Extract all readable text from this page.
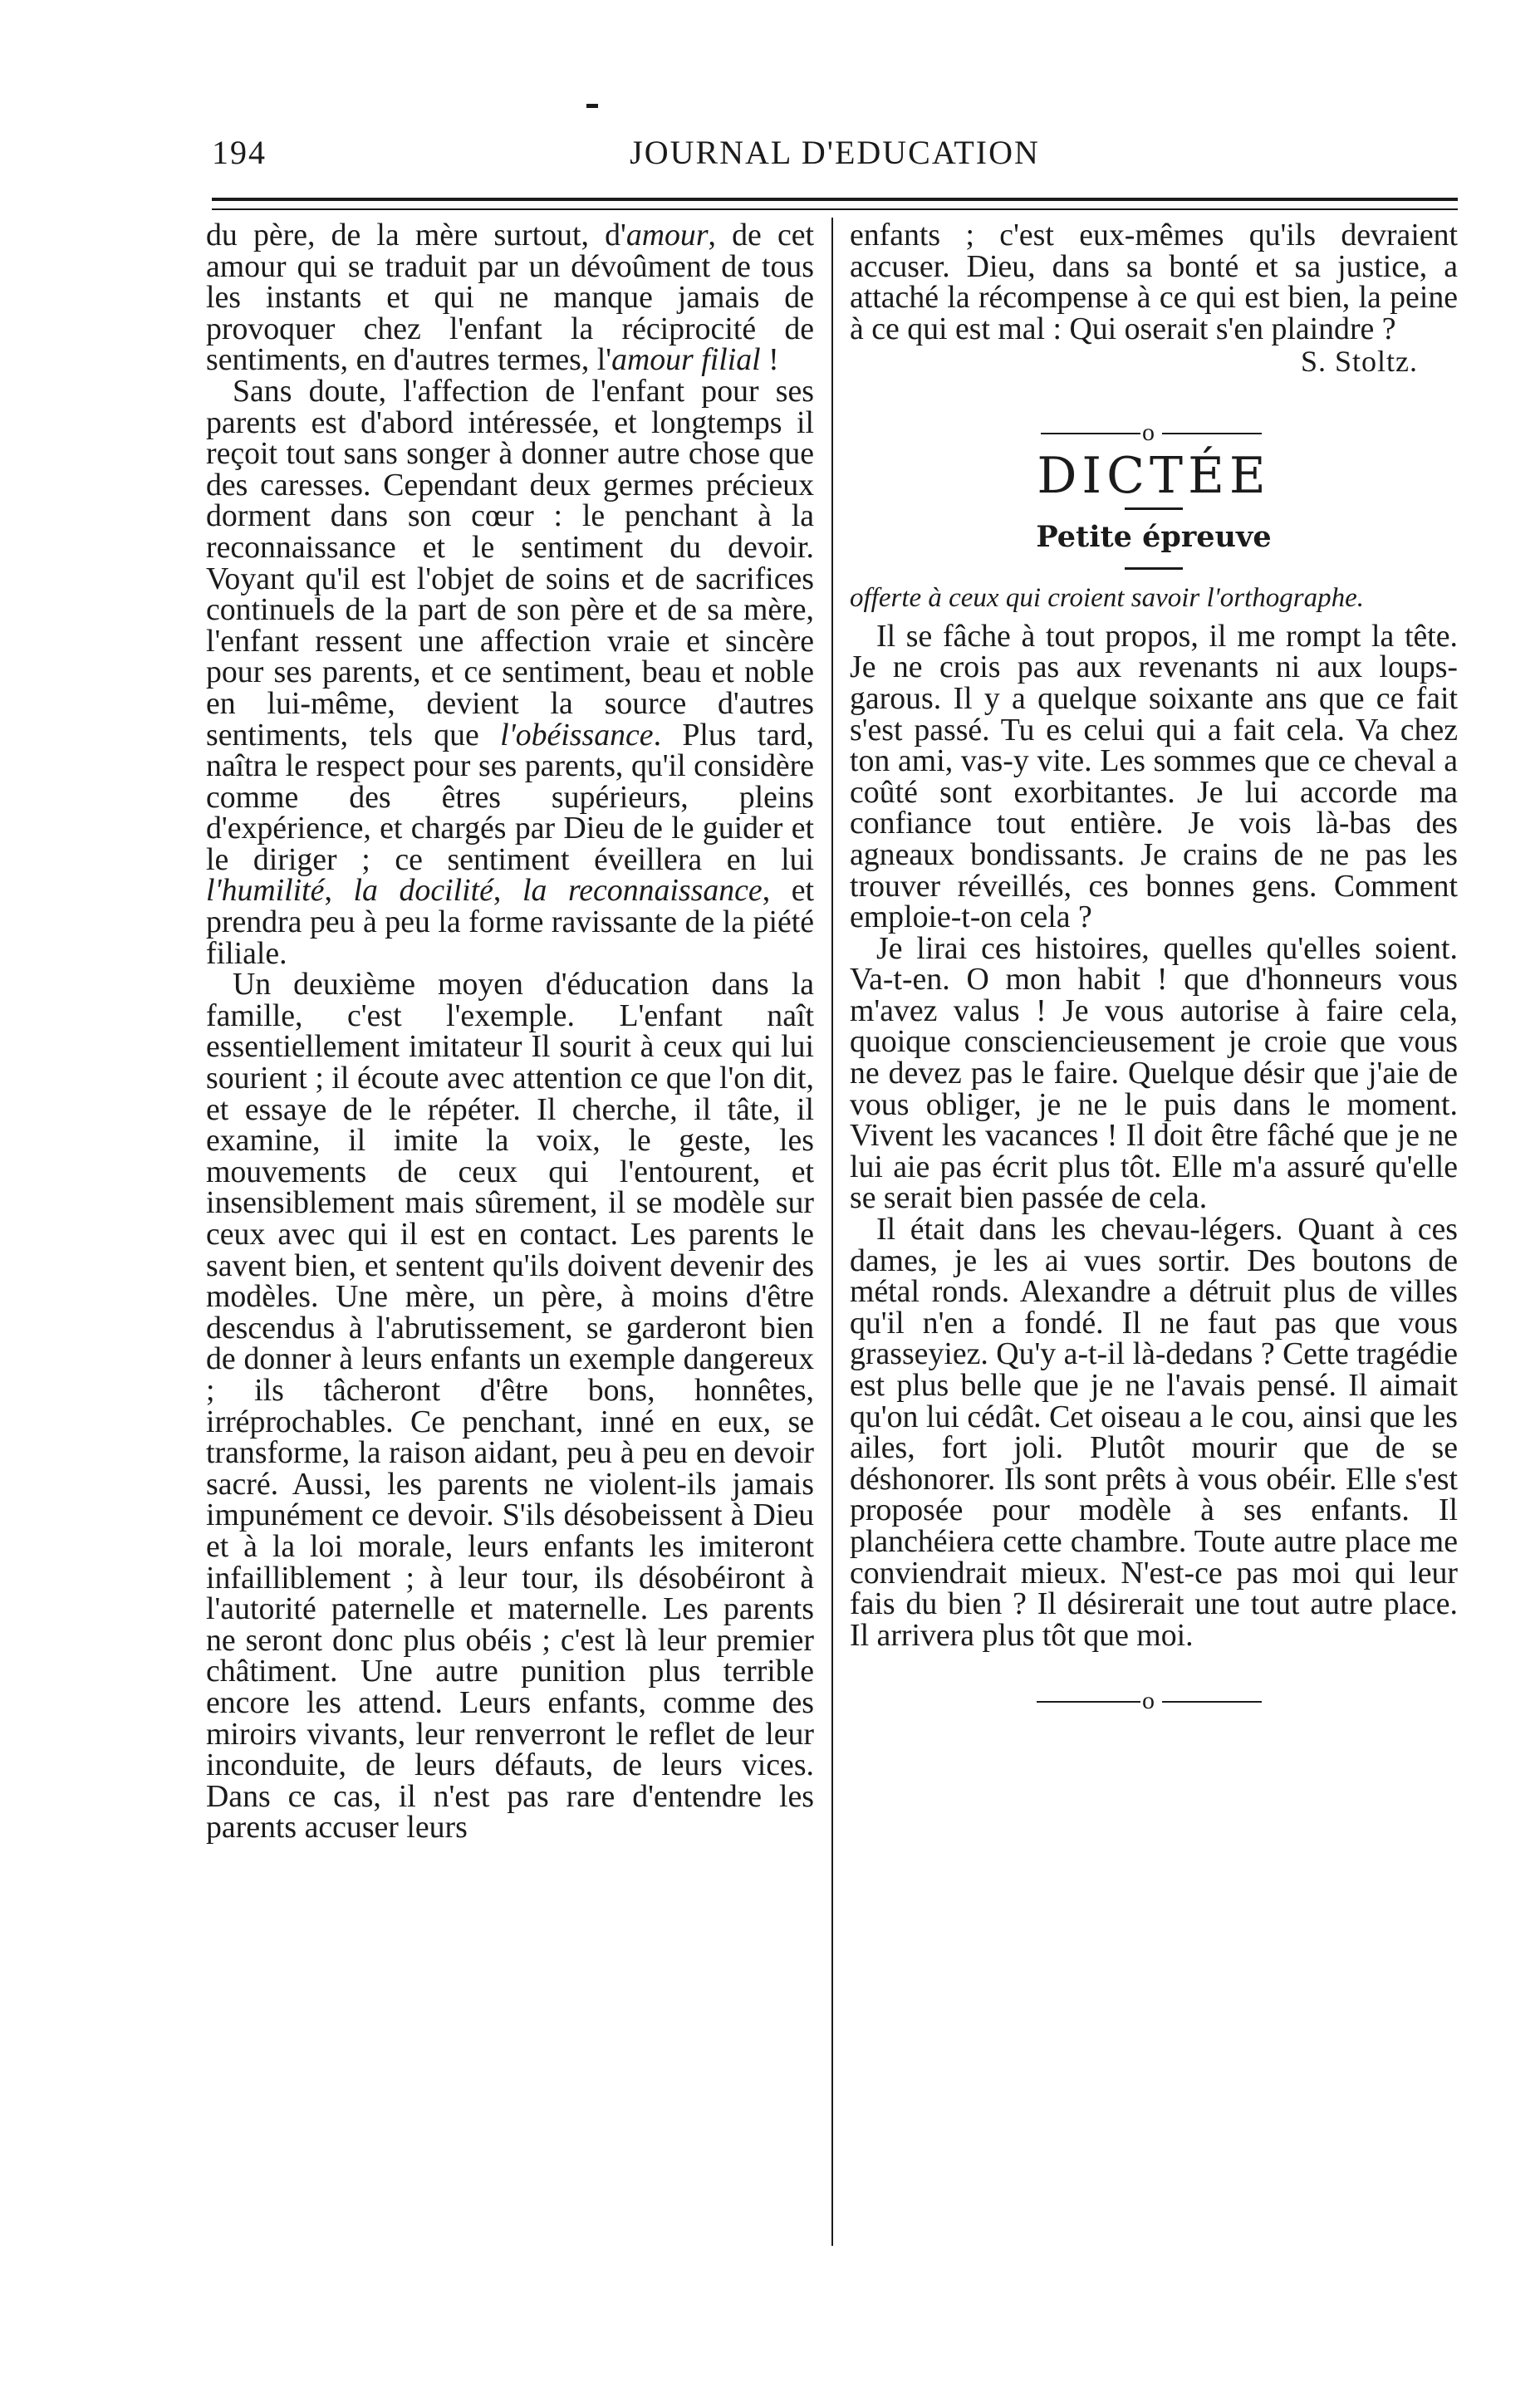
194	JOURNAL D'EDUCATION

du père, de la mère surtout, d'amour, de cet amour qui se traduit par un dévoûment de tous les instants et qui ne manque jamais de provoquer chez l'enfant la réciprocité de sentiments, en d'autres termes, l'amour filial !

Sans doute, l'affection de l'enfant pour ses parents est d'abord intéressée, et longtemps il reçoit tout sans songer à donner autre chose que des caresses. Cependant deux germes précieux dorment dans son cœur : le penchant à la reconnaissance et le sentiment du devoir. Voyant qu'il est l'objet de soins et de sacrifices continuels de la part de son père et de sa mère, l'enfant ressent une affection vraie et sincère pour ses parents, et ce sentiment, beau et noble en lui-même, devient la source d'autres sentiments, tels que l'obéissance. Plus tard, naîtra le respect pour ses parents, qu'il considère comme des êtres supérieurs, pleins d'expérience, et chargés par Dieu de le guider et le diriger ; ce sentiment éveillera en lui l'humilité, la docilité, la reconnaissance, et prendra peu à peu la forme ravissante de la piété filiale.

Un deuxième moyen d'éducation dans la famille, c'est l'exemple. L'enfant naît essentiellement imitateur Il sourit à ceux qui lui sourient ; il écoute avec attention ce que l'on dit, et essaye de le répéter. Il cherche, il tâte, il examine, il imite la voix, le geste, les mouvements de ceux qui l'entourent, et insensiblement mais sûrement, il se modèle sur ceux avec qui il est en contact. Les parents le savent bien, et sentent qu'ils doivent devenir des modèles. Une mère, un père, à moins d'être descendus à l'abrutissement, se garderont bien de donner à leurs enfants un exemple dangereux ; ils tâcheront d'être bons, honnêtes, irréprochables. Ce penchant, inné en eux, se transforme, la raison aidant, peu à peu en devoir sacré. Aussi, les parents ne violent-ils jamais impunément ce devoir. S'ils désobeissent à Dieu et à la loi morale, leurs enfants les imiteront infailliblement ; à leur tour, ils désobéiront à l'autorité paternelle et maternelle. Les parents ne seront donc plus obéis ; c'est là leur premier châtiment. Une autre punition plus terrible encore les attend. Leurs enfants, comme des miroirs vivants, leur renverront le reflet de leur inconduite, de leurs défauts, de leurs vices. Dans ce cas, il n'est pas rare d'entendre les parents accuser leurs

enfants ; c'est eux-mêmes qu'ils devraient accuser. Dieu, dans sa bonté et sa justice, a attaché la récompense à ce qui est bien, la peine à ce qui est mal : Qui oserait s'en plaindre ?

S. Stoltz.
o
DICTÉE
Petite épreuve
offerte à ceux qui croient savoir l'orthographe.

Il se fâche à tout propos, il me rompt la tête. Je ne crois pas aux revenants ni aux loups-garous. Il y a quelque soixante ans que ce fait s'est passé. Tu es celui qui a fait cela. Va chez ton ami, vas-y vite. Les sommes que ce cheval a coûté sont exorbitantes. Je lui accorde ma confiance tout entière. Je vois là-bas des agneaux bondissants. Je crains de ne pas les trouver réveillés, ces bonnes gens. Comment emploie-t-on cela ?

Je lirai ces histoires, quelles qu'elles soient. Va-t-en. O mon habit ! que d'honneurs vous m'avez valus ! Je vous autorise à faire cela, quoique consciencieusement je croie que vous ne devez pas le faire. Quelque désir que j'aie de vous obliger, je ne le puis dans le moment. Vivent les vacances ! Il doit être fâché que je ne lui aie pas écrit plus tôt. Elle m'a assuré qu'elle se serait bien passée de cela.

Il était dans les chevau-légers. Quant à ces dames, je les ai vues sortir. Des boutons de métal ronds. Alexandre a détruit plus de villes qu'il n'en a fondé. Il ne faut pas que vous grasseyiez. Qu'y a-t-il là-dedans ? Cette tragédie est plus belle que je ne l'avais pensé. Il aimait qu'on lui cédât. Cet oiseau a le cou, ainsi que les ailes, fort joli. Plutôt mourir que de se déshonorer. Ils sont prêts à vous obéir. Elle s'est proposée pour modèle à ses enfants. Il planchéiera cette chambre. Toute autre place me conviendrait mieux. N'est-ce pas moi qui leur fais du bien ? Il désirerait une tout autre place. Il arrivera plus tôt que moi.

o
